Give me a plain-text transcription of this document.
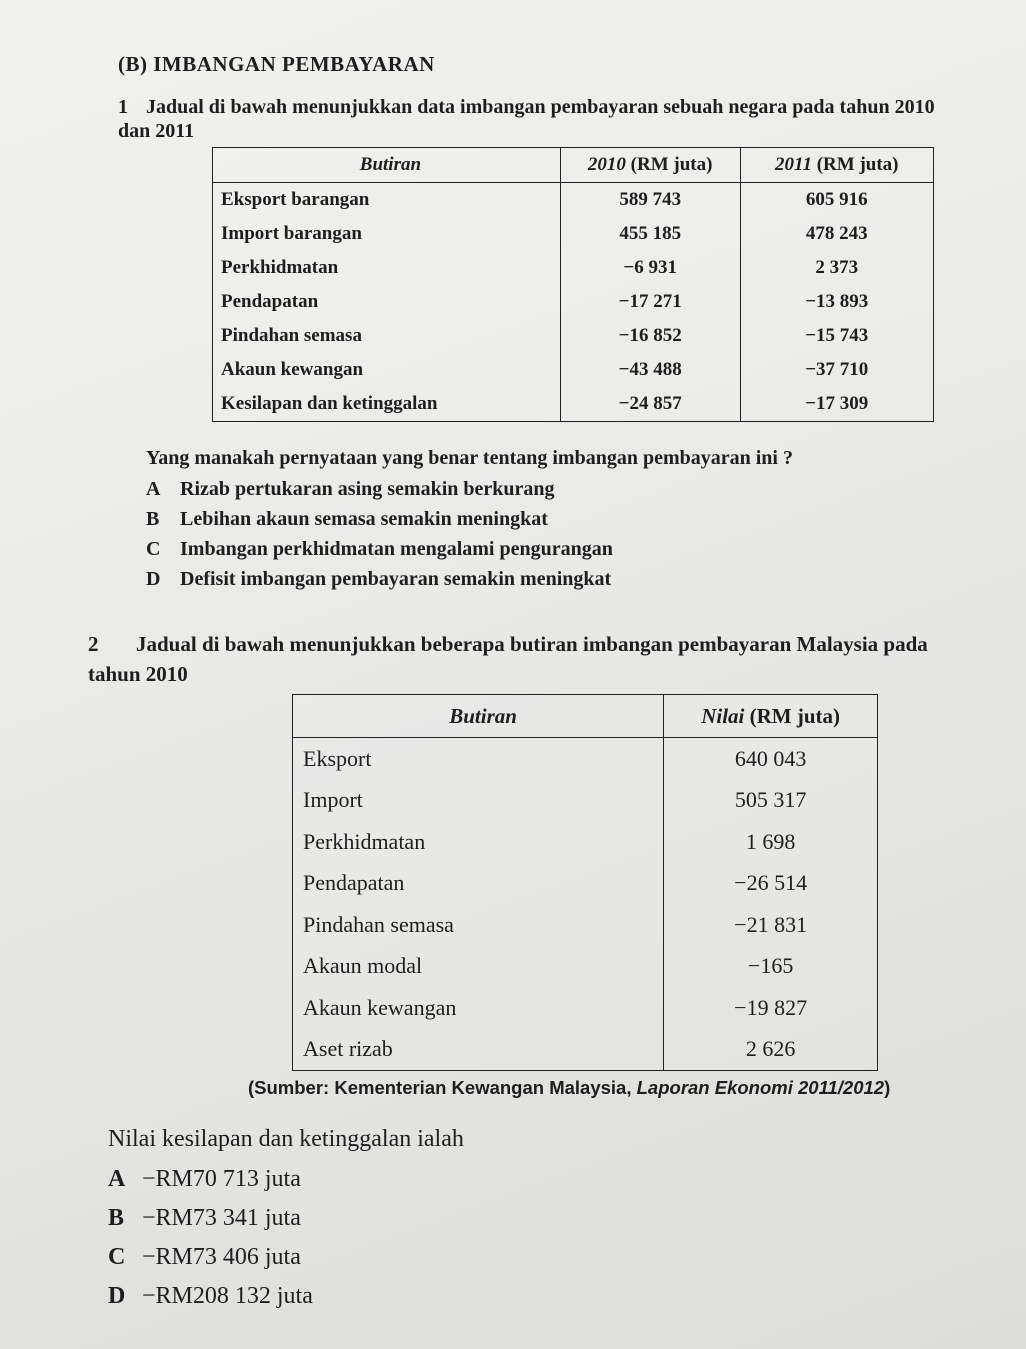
(B) IMBANGAN PEMBAYARAN
1 Jadual di bawah menunjukkan data imbangan pembayaran sebuah negara pada tahun 2010
dan 2011
Butiran	2010 (RM juta)	2011 (RM juta)
Eksport barangan	589 743	605 916
Import barangan	455 185	478 243
Perkhidmatan	−6 931	2 373
Pendapatan	−17 271	−13 893
Pindahan semasa	−16 852	−15 743
Akaun kewangan	−43 488	−37 710
Kesilapan dan ketinggalan	−24 857	−17 309
Yang manakah pernyataan yang benar tentang imbangan pembayaran ini ?
A Rizab pertukaran asing semakin berkurang
B Lebihan akaun semasa semakin meningkat
C Imbangan perkhidmatan mengalami pengurangan
D Defisit imbangan pembayaran semakin meningkat
2 Jadual di bawah menunjukkan beberapa butiran imbangan pembayaran Malaysia pada
tahun 2010
Butiran	Nilai (RM juta)
Eksport	640 043
Import	505 317
Perkhidmatan	1 698
Pendapatan	−26 514
Pindahan semasa	−21 831
Akaun modal	−165
Akaun kewangan	−19 827
Aset rizab	2 626
(Sumber: Kementerian Kewangan Malaysia, Laporan Ekonomi 2011/2012)
Nilai kesilapan dan ketinggalan ialah
A −RM70 713 juta
B −RM73 341 juta
C −RM73 406 juta
D −RM208 132 juta
